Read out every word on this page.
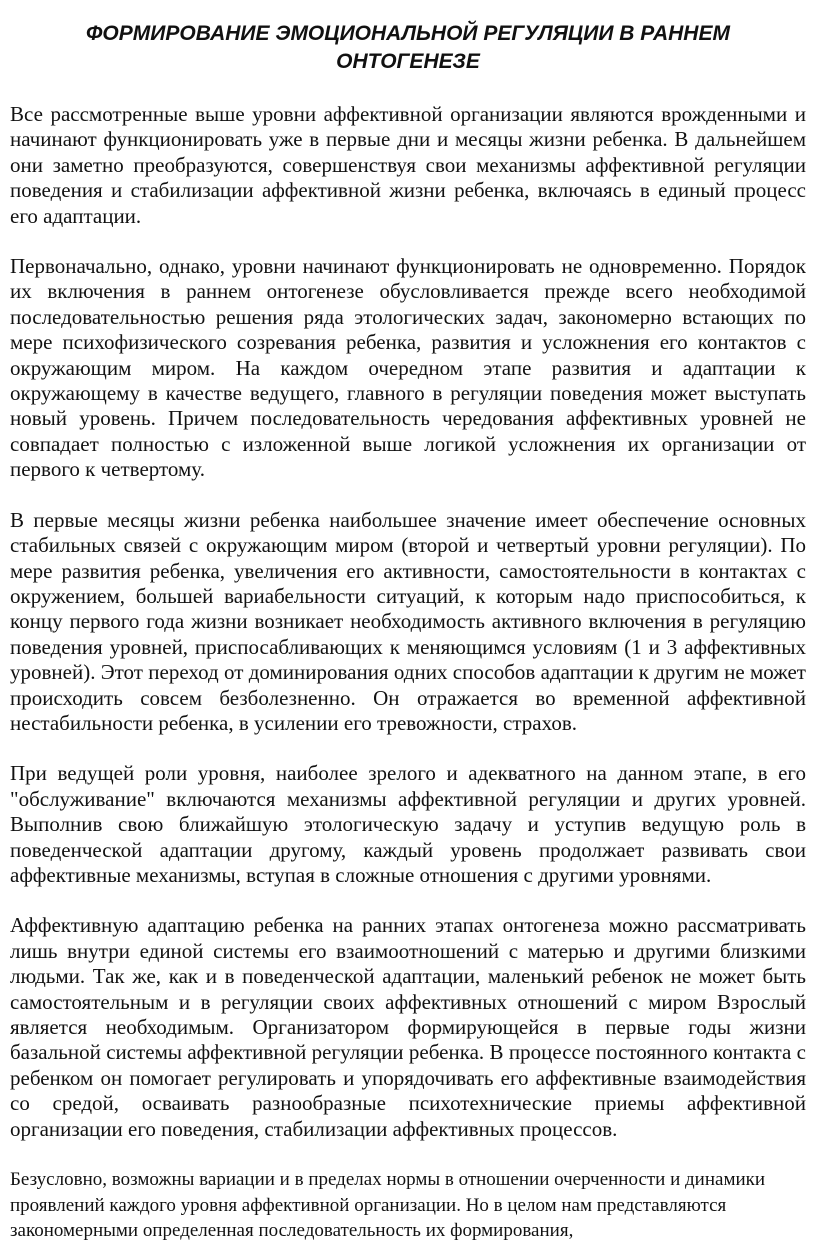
ФОРМИРОВАНИЕ ЭМОЦИОНАЛЬНОЙ РЕГУЛЯЦИИ В РАННЕМ ОНТОГЕНЕЗЕ

Все рассмотренные выше уровни аффективной организации являются врожденными и начинают функционировать уже в первые дни и месяцы жизни ребенка. В дальнейшем они заметно преобразуются, совершенствуя свои механизмы аффективной регуляции поведения и стабилизации аффективной жизни ребенка, включаясь в единый процесс его адаптации.

Первоначально, однако, уровни начинают функционировать не одновременно. Порядок их включения в раннем онтогенезе обусловливается прежде всего необходимой последовательностью решения ряда этологических задач, закономерно встающих по мере психофизического созревания ребенка, развития и усложнения его контактов с окружающим миром. На каждом очередном этапе развития и адаптации к окружающему в качестве ведущего, главного в регуляции поведения может выступать новый уровень. Причем последовательность чередования аффективных уровней не совпадает полностью с изложенной выше логикой усложнения их организации от первого к четвертому.

В первые месяцы жизни ребенка наибольшее значение имеет обеспечение основных стабильных связей с окружающим миром (второй и четвертый уровни регуляции). По мере развития ребенка, увеличения его активности, самостоятельности в контактах с окружением, большей вариабельности ситуаций, к которым надо приспособиться, к концу первого года жизни возникает необходимость активного включения в регуляцию поведения уровней, приспосабливающих к меняющимся условиям (1 и 3 аффективных уровней). Этот переход от доминирования одних способов адаптации к другим не может происходить совсем безболезненно. Он отражается во временной аффективной нестабильности ребенка, в усилении его тревожности, страхов.

При ведущей роли уровня, наиболее зрелого и адекватного на данном этапе, в его "обслуживание" включаются механизмы аффективной регуляции и других уровней. Выполнив свою ближайшую этологическую задачу и уступив ведущую роль в поведенческой адаптации другому, каждый уровень продолжает развивать свои аффективные механизмы, вступая в сложные отношения с другими уровнями.

Аффективную адаптацию ребенка на ранних этапах онтогенеза можно рассматривать лишь внутри единой системы его взаимоотношений с матерью и другими близкими людьми. Так же, как и в поведенческой адаптации, маленький ребенок не может быть самостоятельным и в регуляции своих аффективных отношений с миром Взрослый является необходимым. Организатором формирующейся в первые годы жизни базальной системы аффективной регуляции ребенка. В процессе постоянного контакта с ребенком он помогает регулировать и упорядочивать его аффективные взаимодействия со средой, осваивать разнообразные психотехнические приемы аффективной организации его поведения, стабилизации аффективных процессов.

Безусловно, возможны вариации и в пределах нормы в отношении очерченности и динамики проявлений каждого уровня аффективной организации. Но в целом нам представляются закономерными определенная последовательность их формирования,
